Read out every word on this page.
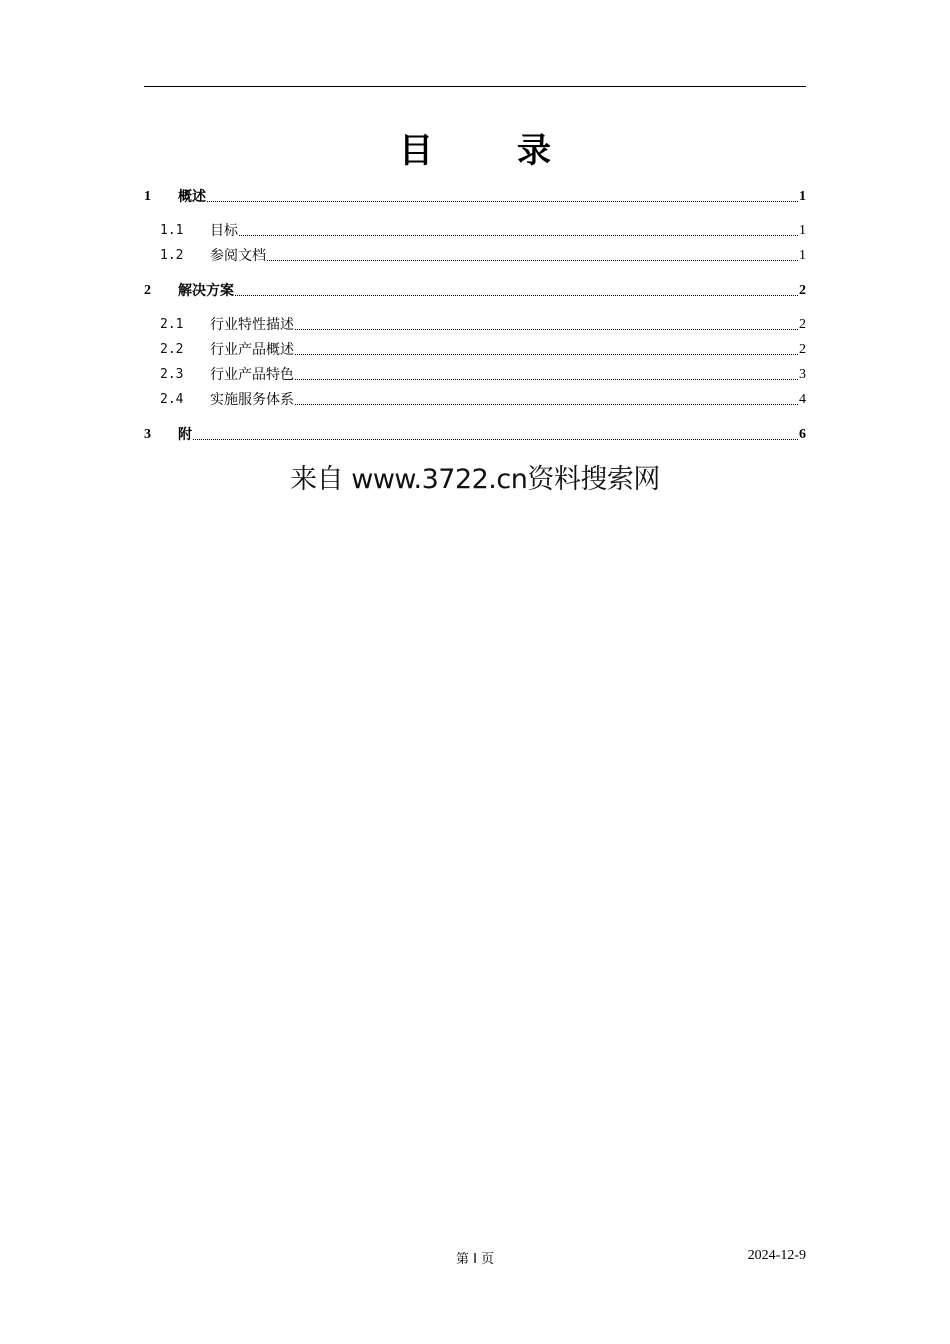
目 录
1	概述	1
1.1	目标	1
1.2	参阅文档	1
2	解决方案	2
2.1	行业特性描述	2
2.2	行业产品概述	2
2.3	行业产品特色	3
2.4	实施服务体系	4
3	附	6
来自 www.3722.cn资料搜索网
第 I 页	2024-12-9
